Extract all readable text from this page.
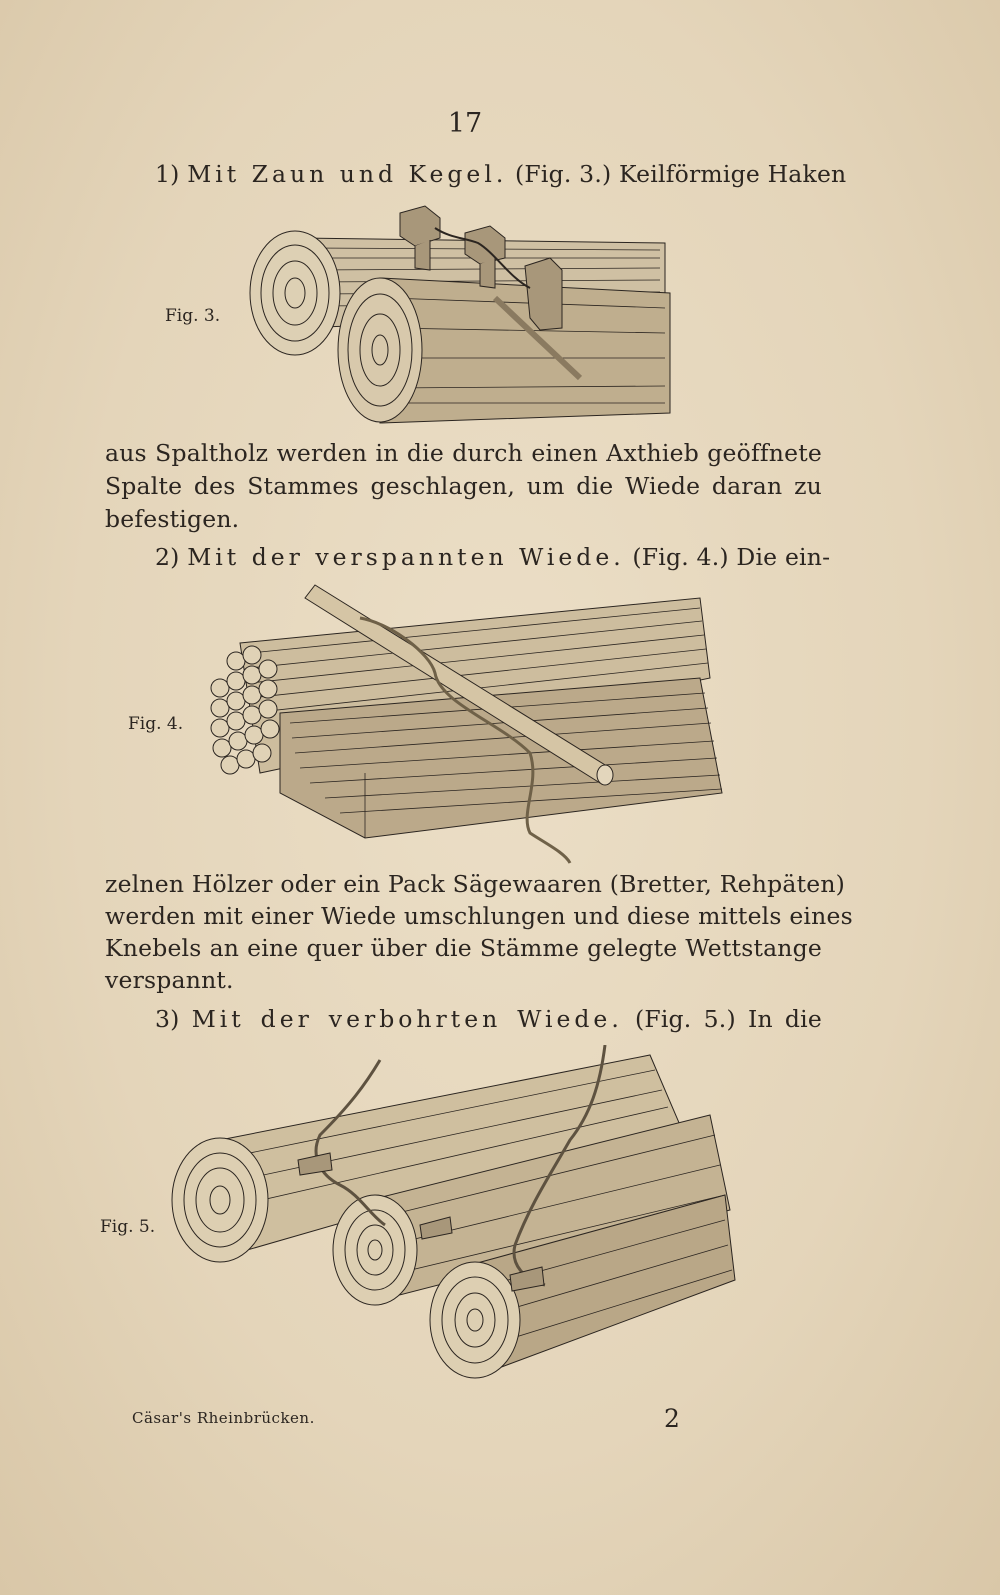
17
1) Mit Zaun und Kegel. (Fig. 3.) Keilförmige Haken
Fig. 3.
aus Spaltholz werden in die durch einen Axthieb geöffnete
Spalte des Stammes geschlagen, um die Wiede daran zu
befestigen.
2) Mit der verspannten Wiede. (Fig. 4.) Die ein-
Fig. 4.
zelnen Hölzer oder ein Pack Sägewaaren (Bretter, Rehpäten)
werden mit einer Wiede umschlungen und diese mittels eines
Knebels an eine quer über die Stämme gelegte Wettstange
verspannt.
3) Mit der verbohrten Wiede. (Fig. 5.) In die
Fig. 5.
Cäsar's Rheinbrücken.	2
